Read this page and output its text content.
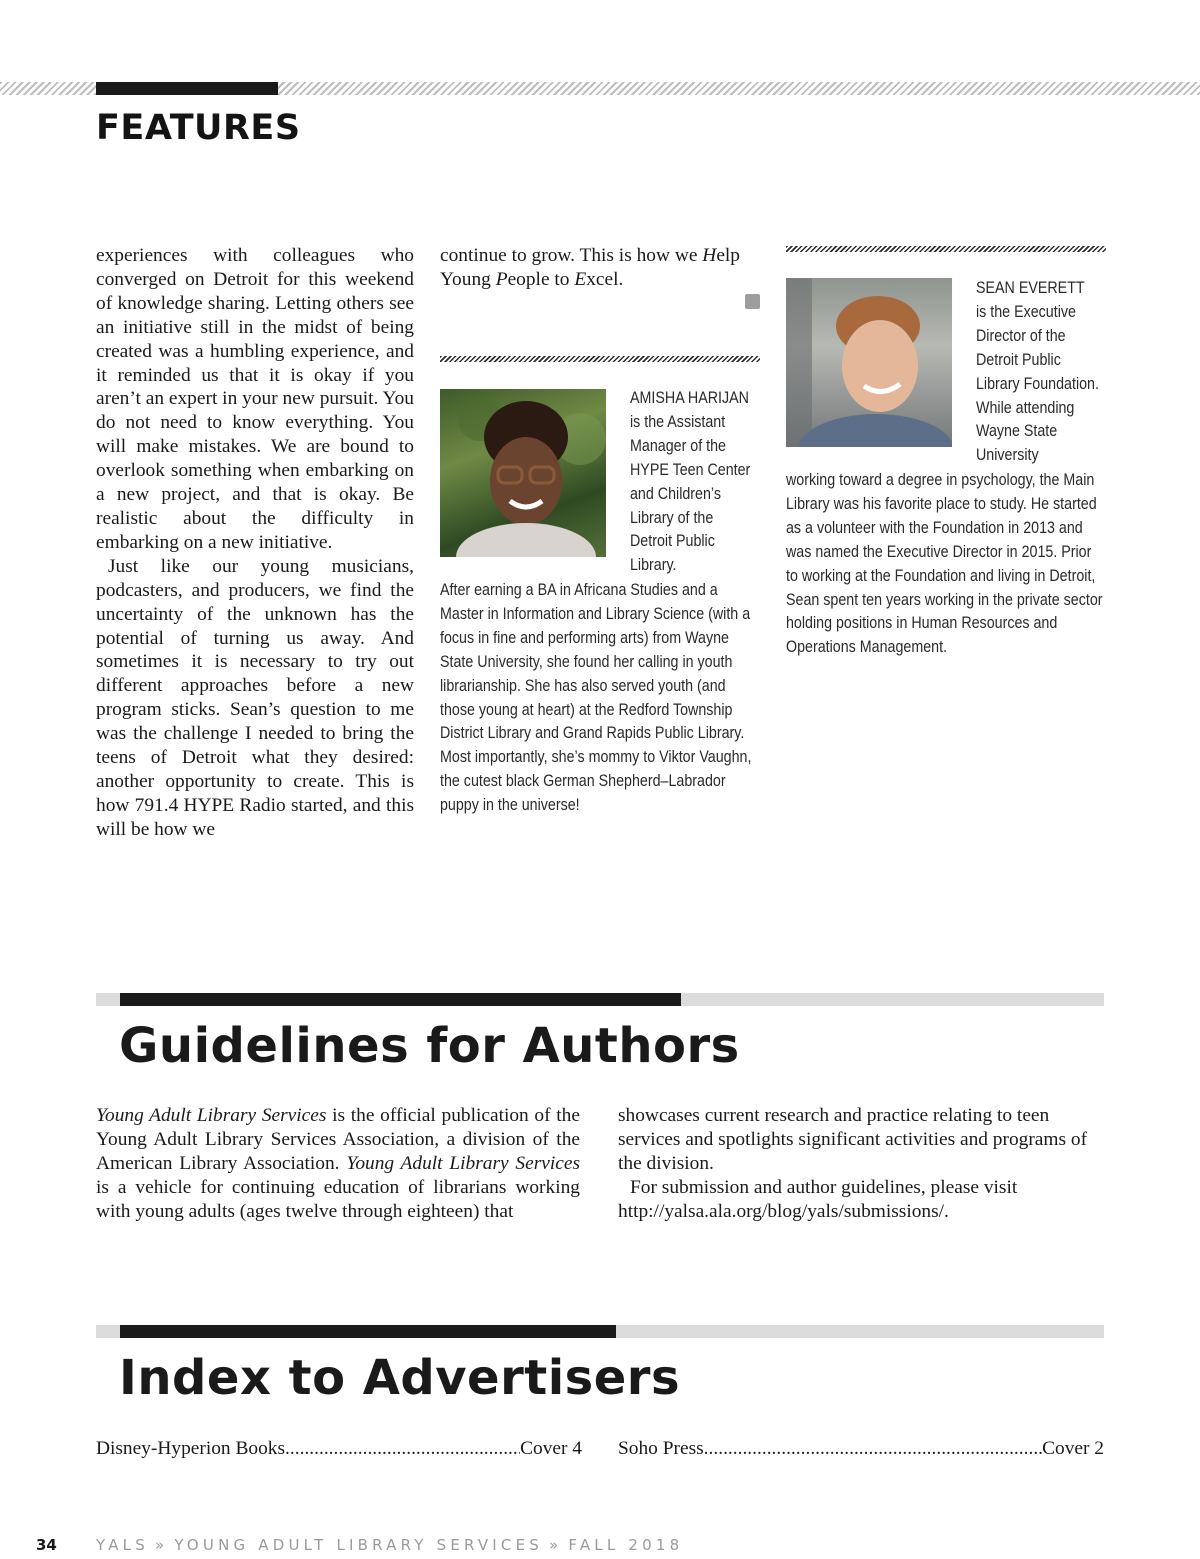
FEATURES

experiences with colleagues who converged on Detroit for this weekend of knowledge sharing. Letting others see an initiative still in the midst of being created was a humbling experience, and it reminded us that it is okay if you aren’t an expert in your new pursuit. You do not need to know everything. You will make mistakes. We are bound to overlook something when embarking on a new project, and that is okay. Be realistic about the difficulty in embarking on a new initiative.

Just like our young musicians, podcasters, and producers, we find the uncertainty of the unknown has the potential of turning us away. And sometimes it is necessary to try out different approaches before a new program sticks. Sean’s question to me was the challenge I needed to bring the teens of Detroit what they desired: another opportunity to create. This is how 791.4 HYPE Radio started, and this will be how we

continue to grow. This is how we Help Young People to Excel.

AMISHA HARIJAN
is the Assistant Manager of the HYPE Teen Center and Children’s Library of the Detroit Public Library.
After earning a BA in Africana Studies and a Master in Information and Library Science (with a focus in fine and performing arts) from Wayne State University, she found her calling in youth librarianship. She has also served youth (and those young at heart) at the Redford Township District Library and Grand Rapids Public Library. Most importantly, she’s mommy to Viktor Vaughn, the cutest black German Shepherd–Labrador puppy in the universe!
SEAN EVERETT
is the Executive Director of the Detroit Public Library Foundation. While attending Wayne State University
working toward a degree in psychology, the Main Library was his favorite place to study. He started as a volunteer with the Foundation in 2013 and was named the Executive Director in 2015. Prior to working at the Foundation and living in Detroit, Sean spent ten years working in the private sector holding positions in Human Resources and Operations Management.
Guidelines for Authors

Young Adult Library Services is the official publication of the Young Adult Library Services Association, a division of the American Library Association. Young Adult Library Services is a vehicle for continuing education of librarians working with young adults (ages twelve through eighteen) that

showcases current research and practice relating to teen services and spotlights significant activities and programs of the division.

For submission and author guidelines, please visit http://yalsa.ala.org/blog/yals/submissions/.

Index to Advertisers
Disney-Hyperion Books .....	Cover 4 Soho Press .....	Cover 2
34	YALS » YOUNG ADULT LIBRARY SERVICES » FALL 2018
